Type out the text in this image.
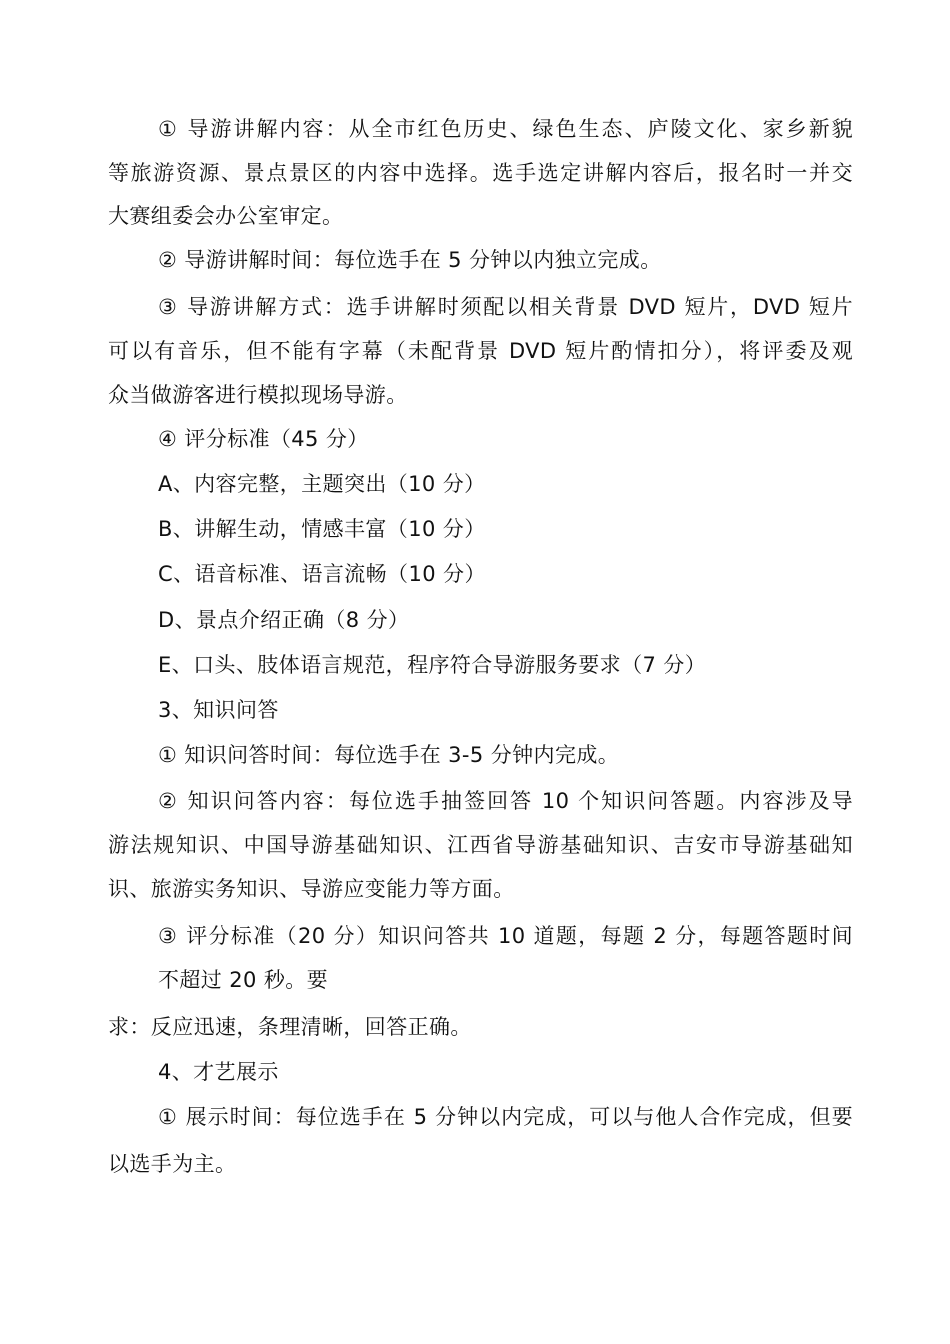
① 导游讲解内容：从全市红色历史、绿色生态、庐陵文化、家乡新貌
等旅游资源、景点景区的内容中选择。选手选定讲解内容后，报名时一并交
大赛组委会办公室审定。
② 导游讲解时间：每位选手在 5 分钟以内独立完成。
③ 导游讲解方式：选手讲解时须配以相关背景 DVD 短片，DVD 短片
可以有音乐，但不能有字幕（未配背景 DVD 短片酌情扣分），将评委及观
众当做游客进行模拟现场导游。
④ 评分标准（45 分）
A、内容完整，主题突出（10 分）
B、讲解生动，情感丰富（10 分）
C、语音标准、语言流畅（10 分）
D、景点介绍正确（8 分）
E、口头、肢体语言规范，程序符合导游服务要求（7 分）
3、知识问答
① 知识问答时间：每位选手在 3-5 分钟内完成。
② 知识问答内容：每位选手抽签回答 10 个知识问答题。内容涉及导
游法规知识、中国导游基础知识、江西省导游基础知识、吉安市导游基础知
识、旅游实务知识、导游应变能力等方面。
③ 评分标准（20 分）知识问答共 10 道题，每题 2 分，每题答题时间
不超过 20 秒。要
求：反应迅速，条理清晰，回答正确。
4、才艺展示
① 展示时间：每位选手在 5 分钟以内完成，可以与他人合作完成，但要
以选手为主。
